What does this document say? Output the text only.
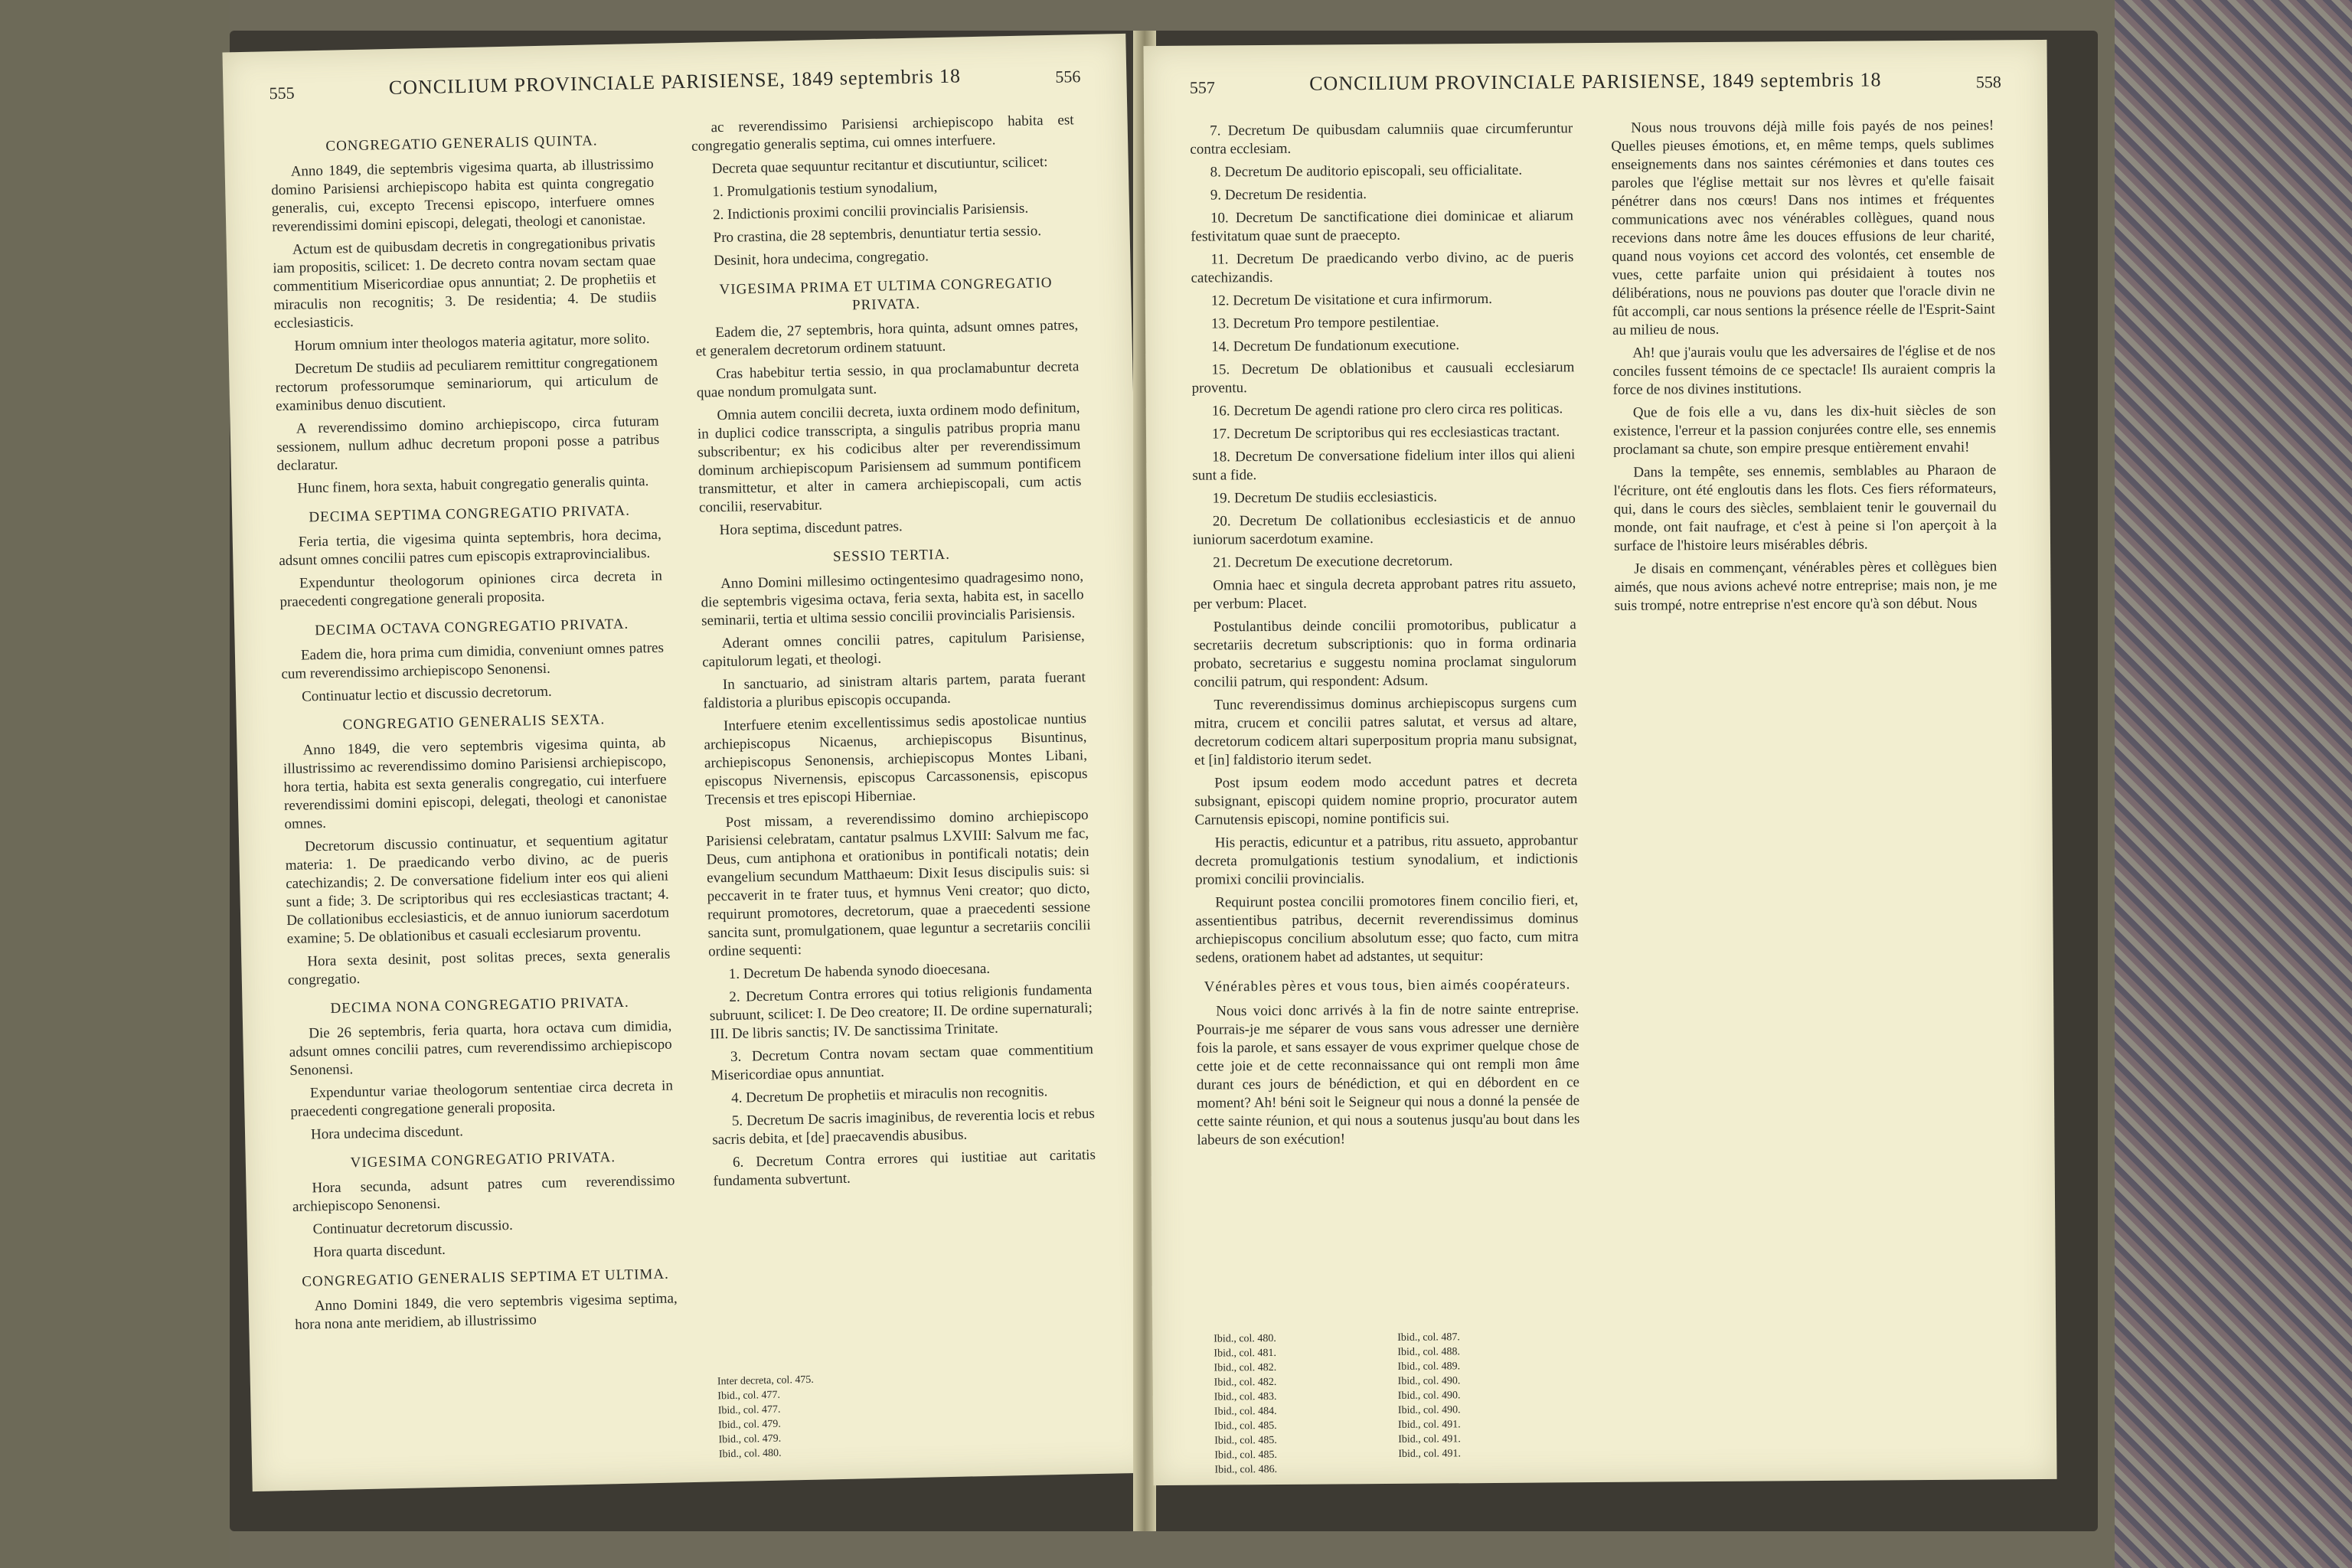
555	CONCILIUM PROVINCIALE PARISIENSE, 1849 septembris 18	556
CONGREGATIO GENERALIS QUINTA.

Anno 1849, die septembris vigesima quarta, ab illustrissimo domino Parisiensi archiepiscopo habita est quinta congregatio generalis, cui, excepto Trecensi episcopo, interfuere omnes reverendissimi domini episcopi, delegati, theologi et canonistae.

Actum est de quibusdam decretis in congregationibus privatis iam propositis, scilicet: 1. De decreto contra novam sectam quae commentitium Misericordiae opus annuntiat; 2. De prophetiis et miraculis non recognitis; 3. De residentia; 4. De studiis ecclesiasticis.

Horum omnium inter theologos materia agitatur, more solito.

Decretum De studiis ad peculiarem remittitur congregationem rectorum professorumque seminariorum, qui articulum de examinibus denuo discutient.

A reverendissimo domino archiepiscopo, circa futuram sessionem, nullum adhuc decretum proponi posse a patribus declaratur.

Hunc finem, hora sexta, habuit congregatio generalis quinta.

DECIMA SEPTIMA CONGREGATIO PRIVATA.

Feria tertia, die vigesima quinta septembris, hora decima, adsunt omnes concilii patres cum episcopis extraprovincialibus.

Expenduntur theologorum opiniones circa decreta in praecedenti congregatione generali proposita.

DECIMA OCTAVA CONGREGATIO PRIVATA.

Eadem die, hora prima cum dimidia, conveniunt omnes patres cum reverendissimo archiepiscopo Senonensi.

Continuatur lectio et discussio decretorum.

CONGREGATIO GENERALIS SEXTA.

Anno 1849, die vero septembris vigesima quinta, ab illustrissimo ac reverendissimo domino Parisiensi archiepiscopo, hora tertia, habita est sexta generalis congregatio, cui interfuere reverendissimi domini episcopi, delegati, theologi et canonistae omnes.

Decretorum discussio continuatur, et sequentium agitatur materia: 1. De praedicando verbo divino, ac de pueris catechizandis; 2. De conversatione fidelium inter eos qui alieni sunt a fide; 3. De scriptoribus qui res ecclesiasticas tractant; 4. De collationibus ecclesiasticis, et de annuo iuniorum sacerdotum examine; 5. De oblationibus et casuali ecclesiarum proventu.

Hora sexta desinit, post solitas preces, sexta generalis congregatio.

DECIMA NONA CONGREGATIO PRIVATA.

Die 26 septembris, feria quarta, hora octava cum dimidia, adsunt omnes concilii patres, cum reverendissimo archiepiscopo Senonensi.

Expenduntur variae theologorum sententiae circa decreta in praecedenti congregatione generali proposita.

Hora undecima discedunt.

VIGESIMA CONGREGATIO PRIVATA.

Hora secunda, adsunt patres cum reverendissimo archiepiscopo Senonensi.

Continuatur decretorum discussio.

Hora quarta discedunt.

CONGREGATIO GENERALIS SEPTIMA ET ULTIMA.

Anno Domini 1849, die vero septembris vigesima septima, hora nona ante meridiem, ab illustrissimo

ac reverendissimo Parisiensi archiepiscopo habita est congregatio generalis septima, cui omnes interfuere.

Decreta quae sequuntur recitantur et discutiuntur, scilicet:

1. Promulgationis testium synodalium,

2. Indictionis proximi concilii provincialis Parisiensis.

Pro crastina, die 28 septembris, denuntiatur tertia sessio.

Desinit, hora undecima, congregatio.

VIGESIMA PRIMA ET ULTIMA CONGREGATIO PRIVATA.

Eadem die, 27 septembris, hora quinta, adsunt omnes patres, et generalem decretorum ordinem statuunt.

Cras habebitur tertia sessio, in qua proclamabuntur decreta quae nondum promulgata sunt.

Omnia autem concilii decreta, iuxta ordinem modo definitum, in duplici codice transscripta, a singulis patribus propria manu subscribentur; ex his codicibus alter per reverendissimum dominum archiepiscopum Parisiensem ad summum pontificem transmittetur, et alter in camera archiepiscopali, cum actis concilii, reservabitur.

Hora septima, discedunt patres.

SESSIO TERTIA.

Anno Domini millesimo octingentesimo quadragesimo nono, die septembris vigesima octava, feria sexta, habita est, in sacello seminarii, tertia et ultima sessio concilii provincialis Parisiensis.

Aderant omnes concilii patres, capitulum Parisiense, capitulorum legati, et theologi.

In sanctuario, ad sinistram altaris partem, parata fuerant faldistoria a pluribus episcopis occupanda.

Interfuere etenim excellentissimus sedis apostolicae nuntius archiepiscopus Nicaenus, archiepiscopus Bisuntinus, archiepiscopus Senonensis, archiepiscopus Montes Libani, episcopus Nivernensis, episcopus Carcassonensis, episcopus Trecensis et tres episcopi Hiberniae.

Post missam, a reverendissimo domino archiepiscopo Parisiensi celebratam, cantatur psalmus LXVIII: Salvum me fac, Deus, cum antiphona et orationibus in pontificali notatis; dein evangelium secundum Matthaeum: Dixit Iesus discipulis suis: si peccaverit in te frater tuus, et hymnus Veni creator; quo dicto, requirunt promotores, decretorum, quae a praecedenti sessione sancita sunt, promulgationem, quae leguntur a secretariis concilii ordine sequenti:

1. Decretum De habenda synodo dioecesana.

2. Decretum Contra errores qui totius religionis fundamenta subruunt, scilicet: I. De Deo creatore; II. De ordine supernaturali; III. De libris sanctis; IV. De sanctissima Trinitate.

3. Decretum Contra novam sectam quae commentitium Misericordiae opus annuntiat.

4. Decretum De prophetiis et miraculis non recognitis.

5. Decretum De sacris imaginibus, de reverentia locis et rebus sacris debita, et [de] praecavendis abusibus.

6. Decretum Contra errores qui iustitiae aut caritatis fundamenta subvertunt.

Inter decreta, col. 475.
Ibid., col. 477.
Ibid., col. 477.
Ibid., col. 479.
Ibid., col. 479.
Ibid., col. 480.
557	CONCILIUM PROVINCIALE PARISIENSE, 1849 septembris 18	558

7. Decretum De quibusdam calumniis quae circumferuntur contra ecclesiam.

8. Decretum De auditorio episcopali, seu officialitate.

9. Decretum De residentia.

10. Decretum De sanctificatione diei dominicae et aliarum festivitatum quae sunt de praecepto.

11. Decretum De praedicando verbo divino, ac de pueris catechizandis.

12. Decretum De visitatione et cura infirmorum.

13. Decretum Pro tempore pestilentiae.

14. Decretum De fundationum executione.

15. Decretum De oblationibus et causuali ecclesiarum proventu.

16. Decretum De agendi ratione pro clero circa res politicas.

17. Decretum De scriptoribus qui res ecclesiasticas tractant.

18. Decretum De conversatione fidelium inter illos qui alieni sunt a fide.

19. Decretum De studiis ecclesiasticis.

20. Decretum De collationibus ecclesiasticis et de annuo iuniorum sacerdotum examine.

21. Decretum De executione decretorum.

Omnia haec et singula decreta approbant patres ritu assueto, per verbum: Placet.

Postulantibus deinde concilii promotoribus, publicatur a secretariis decretum subscriptionis: quo in forma ordinaria probato, secretarius e suggestu nomina proclamat singulorum concilii patrum, qui respondent: Adsum.

Tunc reverendissimus dominus archiepiscopus surgens cum mitra, crucem et concilii patres salutat, et versus ad altare, decretorum codicem altari superpositum propria manu subsignat, et [in] faldistorio iterum sedet.

Post ipsum eodem modo accedunt patres et decreta subsignant, episcopi quidem nomine proprio, procurator autem Carnutensis episcopi, nomine pontificis sui.

His peractis, edicuntur et a patribus, ritu assueto, approbantur decreta promulgationis testium synodalium, et indictionis promixi concilii provincialis.

Requirunt postea concilii promotores finem concilio fieri, et, assentientibus patribus, decernit reverendissimus dominus archiepiscopus concilium absolutum esse; quo facto, cum mitra sedens, orationem habet ad adstantes, ut sequitur:

Vénérables pères et vous tous, bien aimés coopérateurs.

Nous voici donc arrivés à la fin de notre sainte entreprise. Pourrais-je me séparer de vous sans vous adresser une dernière fois la parole, et sans essayer de vous exprimer quelque chose de cette joie et de cette reconnaissance qui ont rempli mon âme durant ces jours de bénédiction, et qui en débordent en ce moment? Ah! béni soit le Seigneur qui nous a donné la pensée de cette sainte réunion, et qui nous a soutenus jusqu'au bout dans les labeurs de son exécution!

Nous nous trouvons déjà mille fois payés de nos peines! Quelles pieuses émotions, et, en même temps, quels sublimes enseignements dans nos saintes cérémonies et dans toutes ces paroles que l'église mettait sur nos lèvres et qu'elle faisait pénétrer dans nos cœurs! Dans nos intimes et fréquentes communications avec nos vénérables collègues, quand nous recevions dans notre âme les douces effusions de leur charité, quand nous voyions cet accord des volontés, cet ensemble de vues, cette parfaite union qui présidaient à toutes nos délibérations, nous ne pouvions pas douter que l'oracle divin ne fût accompli, car nous sentions la présence réelle de l'Esprit-Saint au milieu de nous.

Ah! que j'aurais voulu que les adversaires de l'église et de nos conciles fussent témoins de ce spectacle! Ils auraient compris la force de nos divines institutions.

Que de fois elle a vu, dans les dix-huit siècles de son existence, l'erreur et la passion conjurées contre elle, ses ennemis proclamant sa chute, son empire presque entièrement envahi!

Dans la tempête, ses ennemis, semblables au Pharaon de l'écriture, ont été engloutis dans les flots. Ces fiers réformateurs, qui, dans le cours des siècles, semblaient tenir le gouvernail du monde, ont fait naufrage, et c'est à peine si l'on aperçoit à la surface de l'histoire leurs misérables débris.

Je disais en commençant, vénérables pères et collègues bien aimés, que nous avions achevé notre entreprise; mais non, je me suis trompé, notre entreprise n'est encore qu'à son début. Nous

Ibid., col. 480.
Ibid., col. 481.
Ibid., col. 482.
Ibid., col. 482.
Ibid., col. 483.
Ibid., col. 484.
Ibid., col. 485.
Ibid., col. 485.
Ibid., col. 485.
Ibid., col. 486.
Ibid., col. 487.
Ibid., col. 488.
Ibid., col. 489.
Ibid., col. 490.
Ibid., col. 490.
Ibid., col. 490.
Ibid., col. 491.
Ibid., col. 491.
Ibid., col. 491.
